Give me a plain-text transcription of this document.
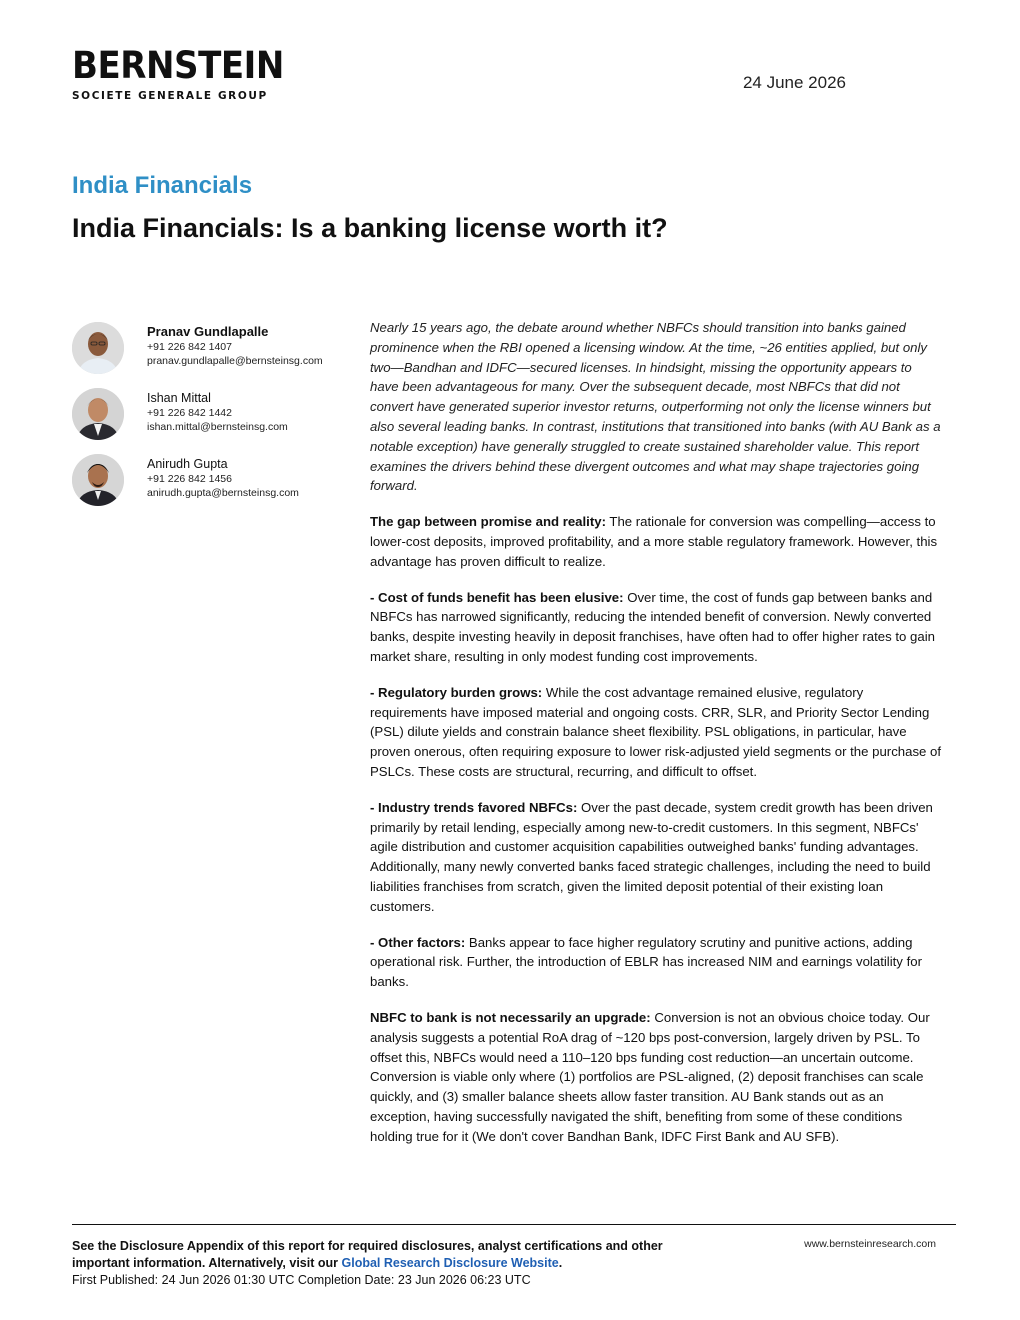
BERNSTEIN
SOCIETE GENERALE GROUP
24 June 2026
India Financials
India Financials: Is a banking license worth it?
Pranav Gundlapalle
+91 226 842 1407
pranav.gundlapalle@bernsteinsg.com
Ishan Mittal
+91 226 842 1442
ishan.mittal@bernsteinsg.com
Anirudh Gupta
+91 226 842 1456
anirudh.gupta@bernsteinsg.com

Nearly 15 years ago, the debate around whether NBFCs should transition into banks gained prominence when the RBI opened a licensing window. At the time, ~26 entities applied, but only two—Bandhan and IDFC—secured licenses. In hindsight, missing the opportunity appears to have been advantageous for many. Over the subsequent decade, most NBFCs that did not convert have generated superior investor returns, outperforming not only the license winners but also several leading banks. In contrast, institutions that transitioned into banks (with AU Bank as a notable exception) have generally struggled to create sustained shareholder value. This report examines the drivers behind these divergent outcomes and what may shape trajectories going forward.

The gap between promise and reality: The rationale for conversion was compelling—access to lower-cost deposits, improved profitability, and a more stable regulatory framework. However, this advantage has proven difficult to realize.

- Cost of funds benefit has been elusive: Over time, the cost of funds gap between banks and NBFCs has narrowed significantly, reducing the intended benefit of conversion. Newly converted banks, despite investing heavily in deposit franchises, have often had to offer higher rates to gain market share, resulting in only modest funding cost improvements.

- Regulatory burden grows: While the cost advantage remained elusive, regulatory requirements have imposed material and ongoing costs. CRR, SLR, and Priority Sector Lending (PSL) dilute yields and constrain balance sheet flexibility. PSL obligations, in particular, have proven onerous, often requiring exposure to lower risk-adjusted yield segments or the purchase of PSLCs. These costs are structural, recurring, and difficult to offset.

- Industry trends favored NBFCs: Over the past decade, system credit growth has been driven primarily by retail lending, especially among new-to-credit customers. In this segment, NBFCs' agile distribution and customer acquisition capabilities outweighed banks' funding advantages. Additionally, many newly converted banks faced strategic challenges, including the need to build liabilities franchises from scratch, given the limited deposit potential of their existing loan customers.

- Other factors: Banks appear to face higher regulatory scrutiny and punitive actions, adding operational risk. Further, the introduction of EBLR has increased NIM and earnings volatility for banks.

NBFC to bank is not necessarily an upgrade: Conversion is not an obvious choice today. Our analysis suggests a potential RoA drag of ~120 bps post-conversion, largely driven by PSL. To offset this, NBFCs would need a 110–120 bps funding cost reduction—an uncertain outcome. Conversion is viable only where (1) portfolios are PSL-aligned, (2) deposit franchises can scale quickly, and (3) smaller balance sheets allow faster transition. AU Bank stands out as an exception, having successfully navigated the shift, benefiting from some of these conditions holding true for it (We don't cover Bandhan Bank, IDFC First Bank and AU SFB).

See the Disclosure Appendix of this report for required disclosures, analyst certifications and other
important information. Alternatively, visit our Global Research Disclosure Website.
First Published: 24 Jun 2026 01:30 UTC Completion Date: 23 Jun 2026 06:23 UTC
www.bernsteinresearch.com
